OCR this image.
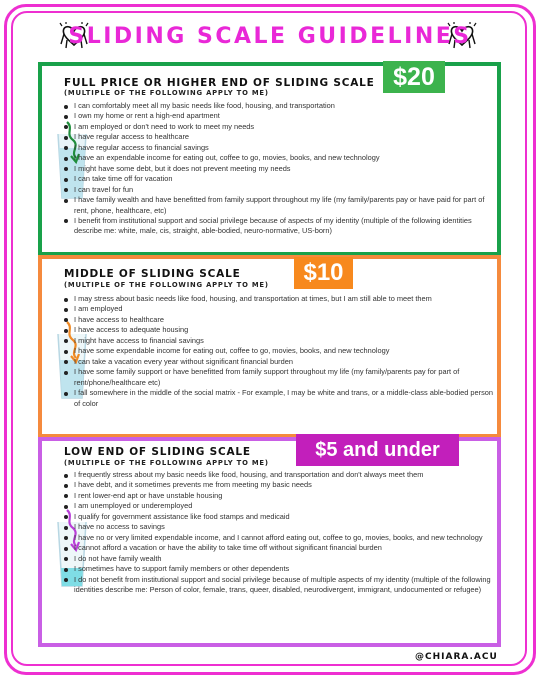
SLIDING SCALE GUIDELINES
FULL PRICE OR HIGHER END OF SLIDING SCALE
(MULTIPLE OF THE FOLLOWING APPLY TO ME)
$20
I can comfortably meet all my basic needs like food, housing, and transportation
I own my home or rent a high-end apartment
I am employed or don't need to work to meet my needs
I have regular access to healthcare
I have regular access to financial savings
I have an expendable income for eating out, coffee to go, movies, books, and new technology
I might have some debt, but it does not prevent meeting my needs
I can take time off for vacation
I can travel for fun
I have family wealth and have benefitted from family support throughout my life (my family/parents pay or have paid for part of rent, phone, healthcare, etc)
I benefit from institutional support and social privilege because of aspects of my identity (multiple of the following identities describe me: white, male, cis, straight, able-bodied, neuro-normative, US-born)
MIDDLE OF SLIDING SCALE
(MULTIPLE OF THE FOLLOWING APPLY TO ME)	$10
I may stress about basic needs like food, housing, and transportation at times, but I am still able to meet them
I am employed
I have access to healthcare
I have access to adequate housing
I might have access to financial savings
I have some expendable income for eating out, coffee to go, movies, books, and new technology
I can take a vacation every year without significant financial burden
I have some family support or have benefitted from family support throughout my life (my family/parents pay for part of rent/phone/healthcare etc)
I fall somewhere in the middle of the social matrix - For example, I may be white and trans, or a middle-class able-bodied person of color
LOW END OF SLIDING SCALE
(MULTIPLE OF THE FOLLOWING APPLY TO ME)
$5 and under
I frequently stress about my basic needs like food, housing, and transportation and don't always meet them
I have debt, and it sometimes prevents me from meeting my basic needs
I rent lower-end apt or have unstable housing
I am unemployed or underemployed
I qualify for government assistance like food stamps and medicaid
I have no access to savings
I have no or very limited expendable income, and I cannot afford eating out, coffee to go, movies, books, and new technology
I cannot afford a vacation or have the ability to take time off without significant financial burden
I do not have family wealth
I sometimes have to support family members or other dependents
I do not benefit from institutional support and social privilege because of multiple aspects of my identity (multiple of the following identities describe me: Person of color, female, trans, queer, disabled, neurodivergent, immigrant, undocumented or refugee)
@CHIARA.ACU
